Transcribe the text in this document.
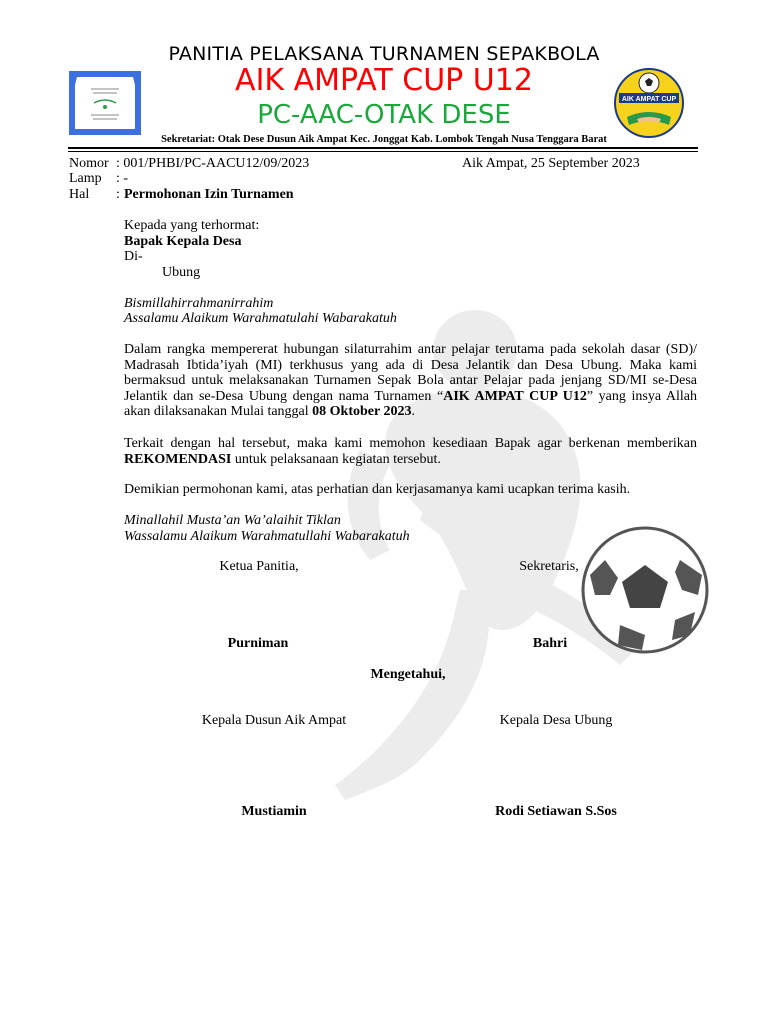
AIK AMPAT CUP
PANITIA PELAKSANA TURNAMEN SEPAKBOLA
AIK AMPAT CUP U12
PC-AAC-OTAK DESE
Sekretariat: Otak Dese Dusun Aik Ampat Kec. Jonggat Kab. Lombok Tengah Nusa Tenggara Barat
Nomor : 001/PHBI/PC-AACU12/09/2023	Aik Ampat, 25 September 2023
Lamp : -
Hal : Permohonan Izin Turnamen
Kepada yang terhormat:
Bapak Kepala Desa
Di-
Ubung
Bismillahirrahmanirrahim
Assalamu Alaikum Warahmatulahi Wabarakatuh
Dalam rangka mempererat hubungan silaturrahim antar pelajar terutama pada sekolah dasar (SD)/ Madrasah Ibtida’iyah (MI) terkhusus yang ada di Desa Jelantik dan Desa Ubung. Maka kami bermaksud untuk melaksanakan Turnamen Sepak Bola antar Pelajar pada jenjang SD/MI se-Desa Jelantik dan se-Desa Ubung dengan nama Turnamen “AIK AMPAT CUP U12” yang insya Allah akan dilaksanakan Mulai tanggal 08 Oktober 2023.
Terkait dengan hal tersebut, maka kami memohon kesediaan Bapak agar berkenan memberikan REKOMENDASI untuk pelaksanaan kegiatan tersebut.
Demikian permohonan kami, atas perhatian dan kerjasamanya kami ucapkan terima kasih.
Minallahil Musta’an Wa’alaihit Tiklan
Wassalamu Alaikum Warahmatullahi Wabarakatuh
Ketua Panitia,	Sekretaris,
Purniman	Bahri
Mengetahui,
Kepala Dusun Aik Ampat	Kepala Desa Ubung
Mustiamin	Rodi Setiawan S.Sos
